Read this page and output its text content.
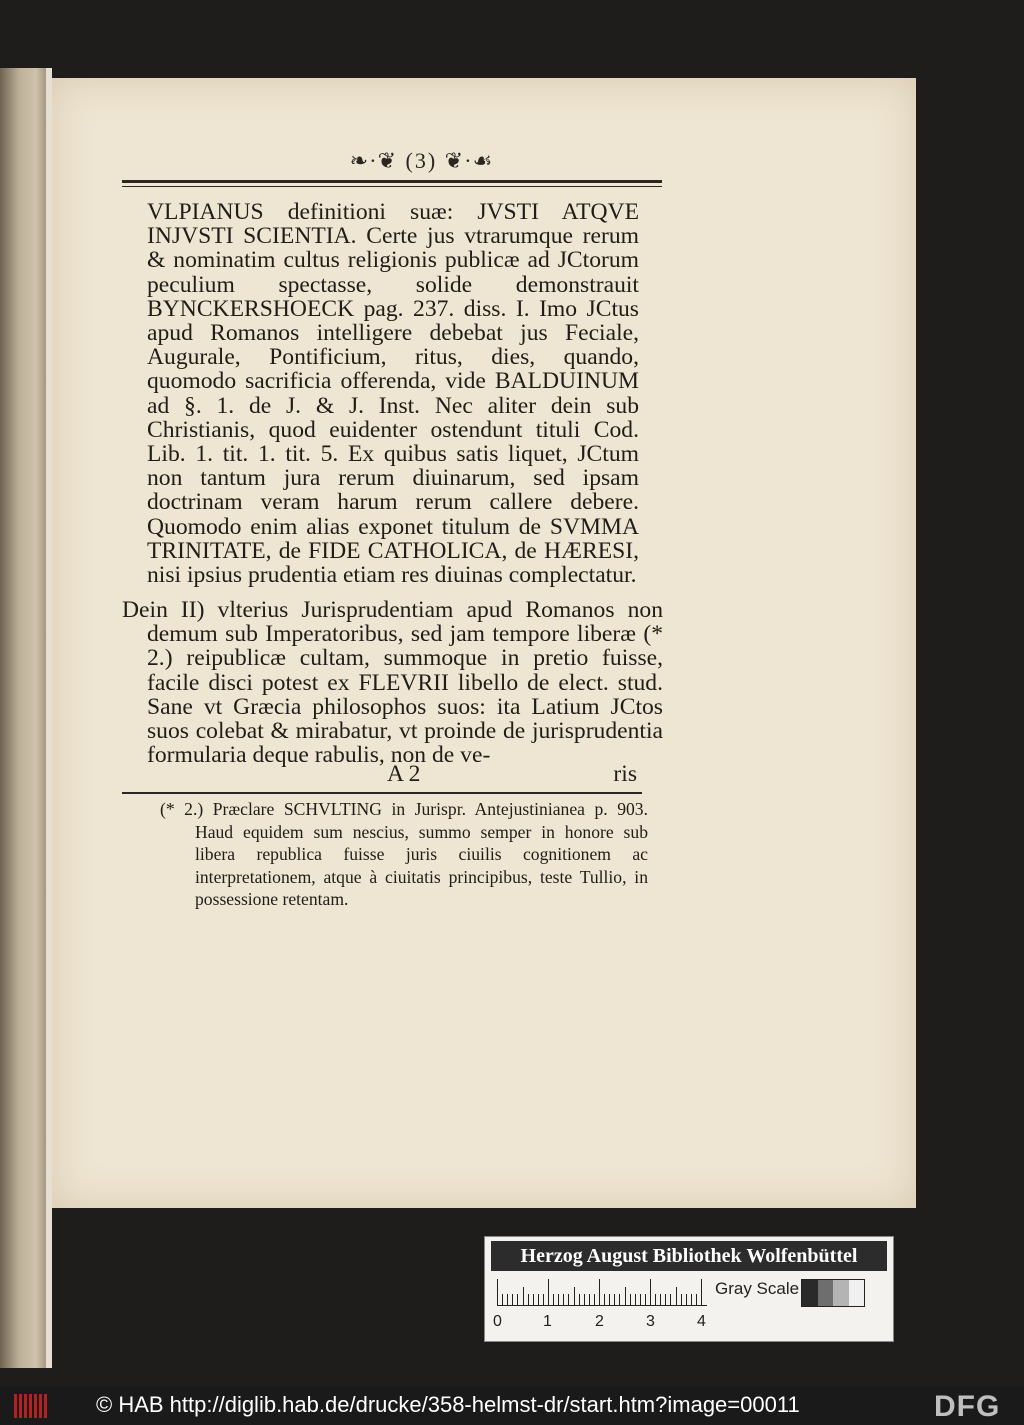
❧∙❦ (3) ❦∙☙

VLPIANUS definitioni suæ: JVSTI ATQVE INJVSTI SCIENTIA. Certe jus vtrarumque rerum & nominatim cultus religionis publicæ ad JCtorum peculium spectasse, solide demonstrauit BYNCKERSHOECK pag. 237. diss. I. Imo JCtus apud Romanos intelligere debebat jus Feciale, Augurale, Pontificium, ritus, dies, quando, quomodo sacrificia offerenda, vide BALDUINUM ad §. 1. de J. & J. Inst. Nec aliter dein sub Christianis, quod euidenter ostendunt tituli Cod. Lib. 1. tit. 1. tit. 5. Ex quibus satis liquet, JCtum non tantum jura rerum diuinarum, sed ipsam doctrinam veram harum rerum callere debere. Quomodo enim alias exponet titulum de SVMMA TRINITATE, de FIDE CATHOLICA, de HÆRESI, nisi ipsius prudentia etiam res diuinas complectatur.

Dein II) vlterius Jurisprudentiam apud Romanos non demum sub Imperatoribus, sed jam tempore liberæ (* 2.) reipublicæ cultam, summoque in pretio fuisse, facile disci potest ex FLEVRII libello de elect. stud. Sane vt Græcia philosophos suos: ita Latium JCtos suos colebat & mirabatur, vt proinde de jurisprudentia formularia deque rabulis, non de ve-

A 2	ris

(* 2.) Præclare SCHVLTING in Jurispr. Antejustinianea p. 903. Haud equidem sum nescius, summo semper in honore sub libera republica fuisse juris ciuilis cognitionem ac interpretationem, atque à ciuitatis principibus, teste Tullio, in possessione retentam.

Herzog August Bibliothek Wolfenbüttel
0	1	2	3	4
Gray Scale
© HAB http://diglib.hab.de/drucke/358-helmst-dr/start.htm?image=00011	DFG
